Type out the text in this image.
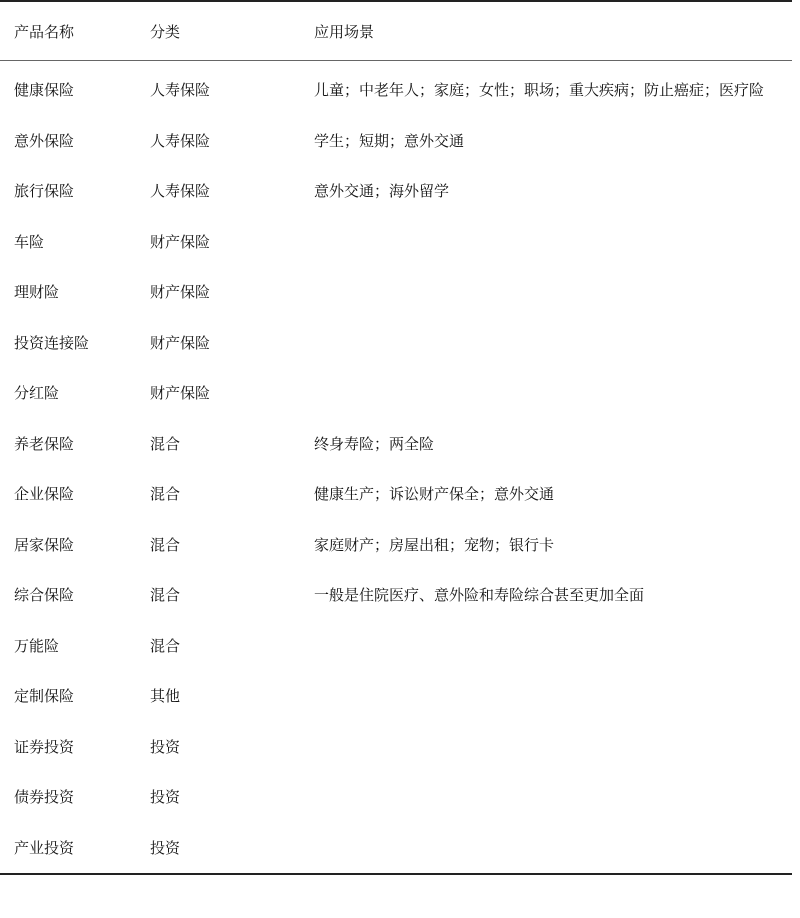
产品名称	分类	应用场景
健康保险	人寿保险	儿童；中老年人；家庭；女性；职场；重大疾病；防止癌症；医疗险
意外保险	人寿保险	学生；短期；意外交通
旅行保险	人寿保险	意外交通；海外留学
车险	财产保险	
理财险	财产保险	
投资连接险	财产保险	
分红险	财产保险	
养老保险	混合	终身寿险；两全险
企业保险	混合	健康生产；诉讼财产保全；意外交通
居家保险	混合	家庭财产；房屋出租；宠物；银行卡
综合保险	混合	一般是住院医疗、意外险和寿险综合甚至更加全面
万能险	混合	
定制保险	其他	
证券投资	投资	
债券投资	投资	
产业投资	投资	
